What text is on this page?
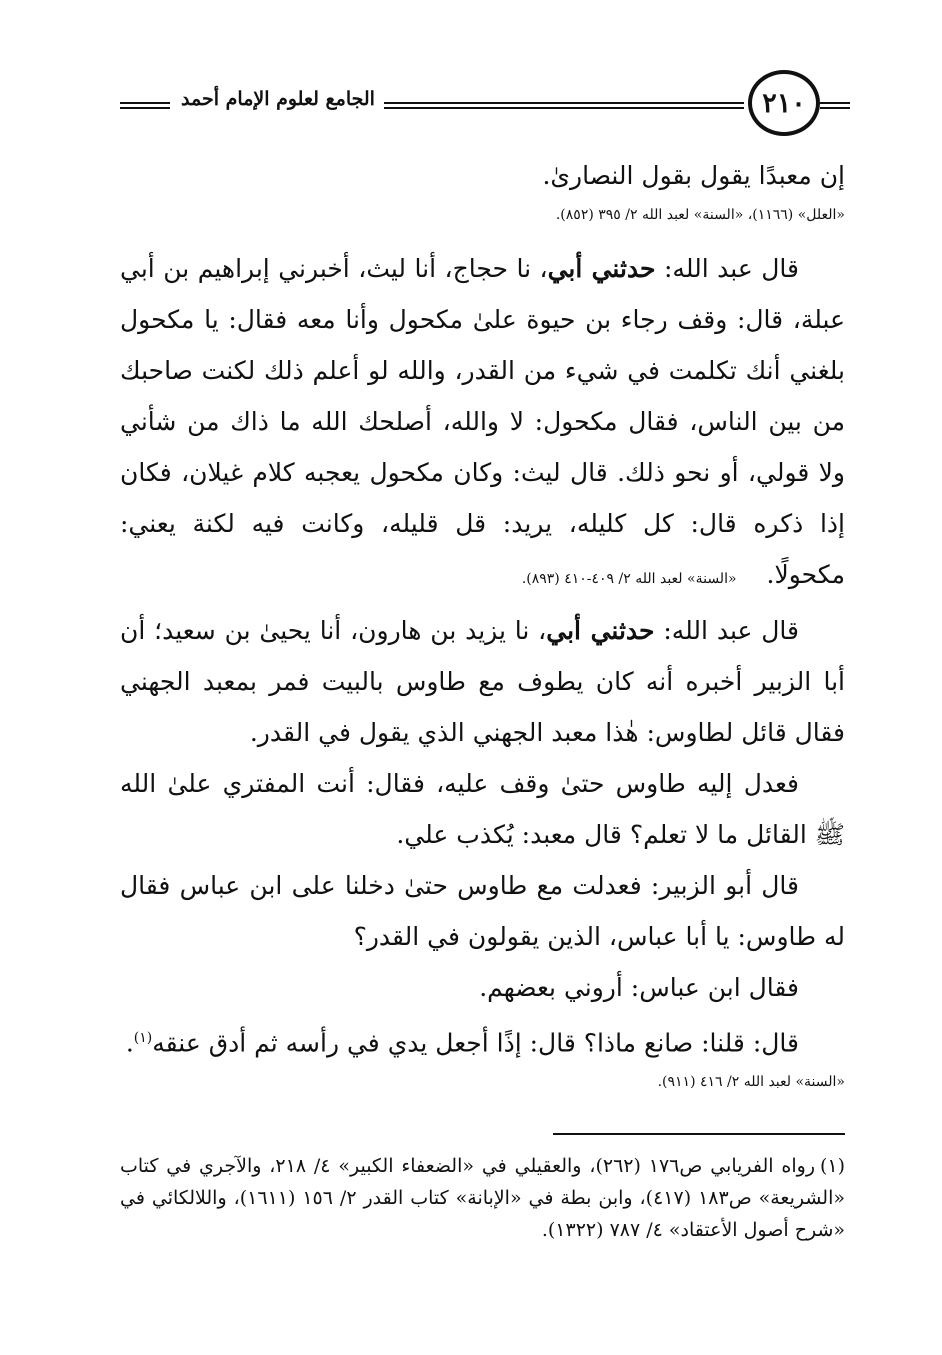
الجامع لعلوم الإمام أحمد	٢١٠

إن معبدًا يقول بقول النصارىٰ.

«العلل» (١١٦٦)، «السنة» لعبد الله ٢/ ٣٩٥ (٨٥٢).

قال عبد الله: حدثني أبي، نا حجاج، أنا ليث، أخبرني إبراهيم بن أبي عبلة، قال: وقف رجاء بن حيوة علىٰ مكحول وأنا معه فقال: يا مكحول بلغني أنك تكلمت في شيء من القدر، والله لو أعلم ذلك لكنت صاحبك من بين الناس، فقال مكحول: لا والله، أصلحك الله ما ذاك من شأني ولا قولي، أو نحو ذلك. قال ليث: وكان مكحول يعجبه كلام غيلان، فكان إذا ذكره قال: كل كليله، يريد: قل قليله، وكانت فيه لكنة يعني: مكحولًا.«السنة» لعبد الله ٢/ ٤٠٩-٤١٠ (٨٩٣).

قال عبد الله: حدثني أبي، نا يزيد بن هارون، أنا يحيىٰ بن سعيد؛ أن أبا الزبير أخبره أنه كان يطوف مع طاوس بالبيت فمر بمعبد الجهني فقال قائل لطاوس: هٰذا معبد الجهني الذي يقول في القدر.

فعدل إليه طاوس حتىٰ وقف عليه، فقال: أنت المفتري علىٰ الله ﷺ القائل ما لا تعلم؟ قال معبد: يُكذب علي.

قال أبو الزبير: فعدلت مع طاوس حتىٰ دخلنا على ابن عباس فقال له طاوس: يا أبا عباس، الذين يقولون في القدر؟

فقال ابن عباس: أروني بعضهم.

قال: قلنا: صانع ماذا؟ قال: إذًا أجعل يدي في رأسه ثم أدق عنقه$^{(١)}$.

«السنة» لعبد الله ٢/ ٤١٦ (٩١١).

(١)رواه الفريابي ص١٧٦ (٢٦٢)، والعقيلي في «الضعفاء الكبير» ٤/ ٢١٨، والآجري في كتاب «الشريعة» ص١٨٣ (٤١٧)، وابن بطة في «الإبانة» كتاب القدر ٢/ ١٥٦ (١٦١١)، واللالكائي في «شرح أصول الأعتقاد» ٤/ ٧٨٧ (١٣٢٢).
